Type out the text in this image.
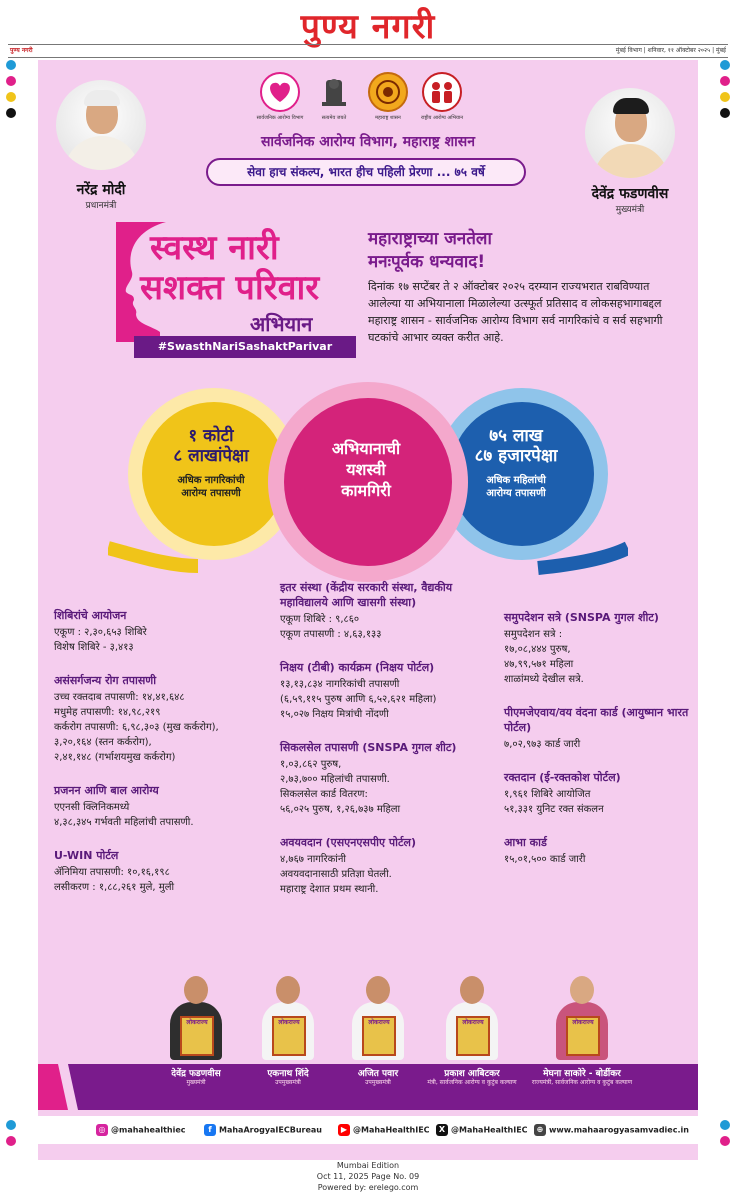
पुण्य नगरी
पुण्य नगरी	मुंबई विभाग | शनिवार, ११ ऑक्टोबर २०२५ | मुंबई
नरेंद्र मोदी
प्रधानमंत्री
देवेंद्र फडणवीस
मुख्यमंत्री
सार्वजनिक आरोग्य विभाग	सत्यमेव जयते	महाराष्ट्र शासन	राष्ट्रीय आरोग्य अभियान
सार्वजनिक आरोग्य विभाग, महाराष्ट्र शासन
सेवा हाच संकल्प, भारत हीच पहिली प्रेरणा ... ७५ वर्षे
स्वस्थ नारी
सशक्त परिवार
अभियान
#SwasthNariSashaktParivar
महाराष्ट्राच्या जनतेला
मनःपूर्वक धन्यवाद!
दिनांक १७ सप्टेंबर ते २ ऑक्टोबर २०२५ दरम्यान राज्यभरात राबविण्यात आलेल्या या अभियानाला मिळालेल्या उत्स्फूर्त प्रतिसाद व लोकसहभागाबद्दल महाराष्ट्र शासन - सार्वजनिक आरोग्य विभाग सर्व नागरिकांचे व सर्व सहभागी घटकांचे आभार व्यक्त करीत आहे.
१ कोटी
८ लाखांपेक्षा
अधिक नागरिकांची
आरोग्य तपासणी
अभियानाची
यशस्वी
कामगिरी
७५ लाख
८७ हजारपेक्षा
अधिक महिलांची
आरोग्य तपासणी
शिबिरांचे आयोजन
एकूण : २,३०,६५३ शिबिरे
विशेष शिबिरे - ३,४१३
असंसर्गजन्य रोग तपासणी
उच्च रक्तदाब तपासणी: १४,४१,६४८
मधुमेह तपासणी: १४,९८,२१९
कर्करोग तपासणी: ६,९८,३०३ (मुख कर्करोग),
३,२०,१६४ (स्तन कर्करोग),
२,४१,१४८ (गर्भाशयमुख कर्करोग)
प्रजनन आणि बाल आरोग्य
एएनसी क्लिनिकमध्ये
४,३८,३४५ गर्भवती महिलांची तपासणी.
U-WIN पोर्टल
ॲनिमिया तपासणी: १०,१६,१९८
लसीकरण : १,८८,२६१ मुले, मुली
इतर संस्था (केंद्रीय सरकारी संस्था, वैद्यकीय महाविद्यालये आणि खासगी संस्था)
एकूण शिबिरे : ९,८६०
एकूण तपासणी : ४,६३,१३३
निक्षय (टीबी) कार्यक्रम (निक्षय पोर्टल)
१३,१३,८३४ नागरिकांची तपासणी
(६,५९,११५ पुरुष आणि ६,५२,६२१ महिला)
१५,०२७ निक्षय मित्रांची नोंदणी
सिकलसेल तपासणी (SNSPA गुगल शीट)
१,०३,८६२ पुरुष,
२,७३,७०० महिलांची तपासणी.
सिकलसेल कार्ड वितरण:
५६,०२५ पुरुष, १,२६,७३७ महिला
अवयवदान (एसएनएसपीए पोर्टल)
४,७६७ नागरिकांनी
अवयवदानासाठी प्रतिज्ञा घेतली.
महाराष्ट्र देशात प्रथम स्थानी.
समुपदेशन सत्रे (SNSPA गुगल शीट)
समुपदेशन सत्रे :
१७,०८,४४४ पुरुष,
४७,९९,५७१ महिला
शाळांमध्ये देखील सत्रे.
पीएमजेएवाय/वय वंदना कार्ड (आयुष्मान भारत पोर्टल)
७,०२,९७३ कार्ड जारी
रक्तदान (ई-रक्तकोश पोर्टल)
१,९६१ शिबिरे आयोजित
५१,३३१ युनिट रक्त संकलन
आभा कार्ड
१५,०१,५०० कार्ड जारी
लोकराज्य
देवेंद्र फडणवीस
मुख्यमंत्री
लोकराज्य
एकनाथ शिंदे
उपमुख्यमंत्री
लोकराज्य
अजित पवार
उपमुख्यमंत्री
लोकराज्य
प्रकाश आबिटकर
मंत्री, सार्वजनिक आरोग्य व कुटुंब कल्याण
लोकराज्य
मेघना साकोरे - बोर्डीकर
राज्यमंत्री, सार्वजनिक आरोग्य व कुटुंब कल्याण
◎ @mahahealthiec	f MahaArogyaIECBureau	▶ @MahaHealthIEC	X @MahaHealthIEC	⊕ www.mahaarogyasamvadiec.in
Mumbai Edition
Oct 11, 2025 Page No. 09
Powered by: erelego.com
